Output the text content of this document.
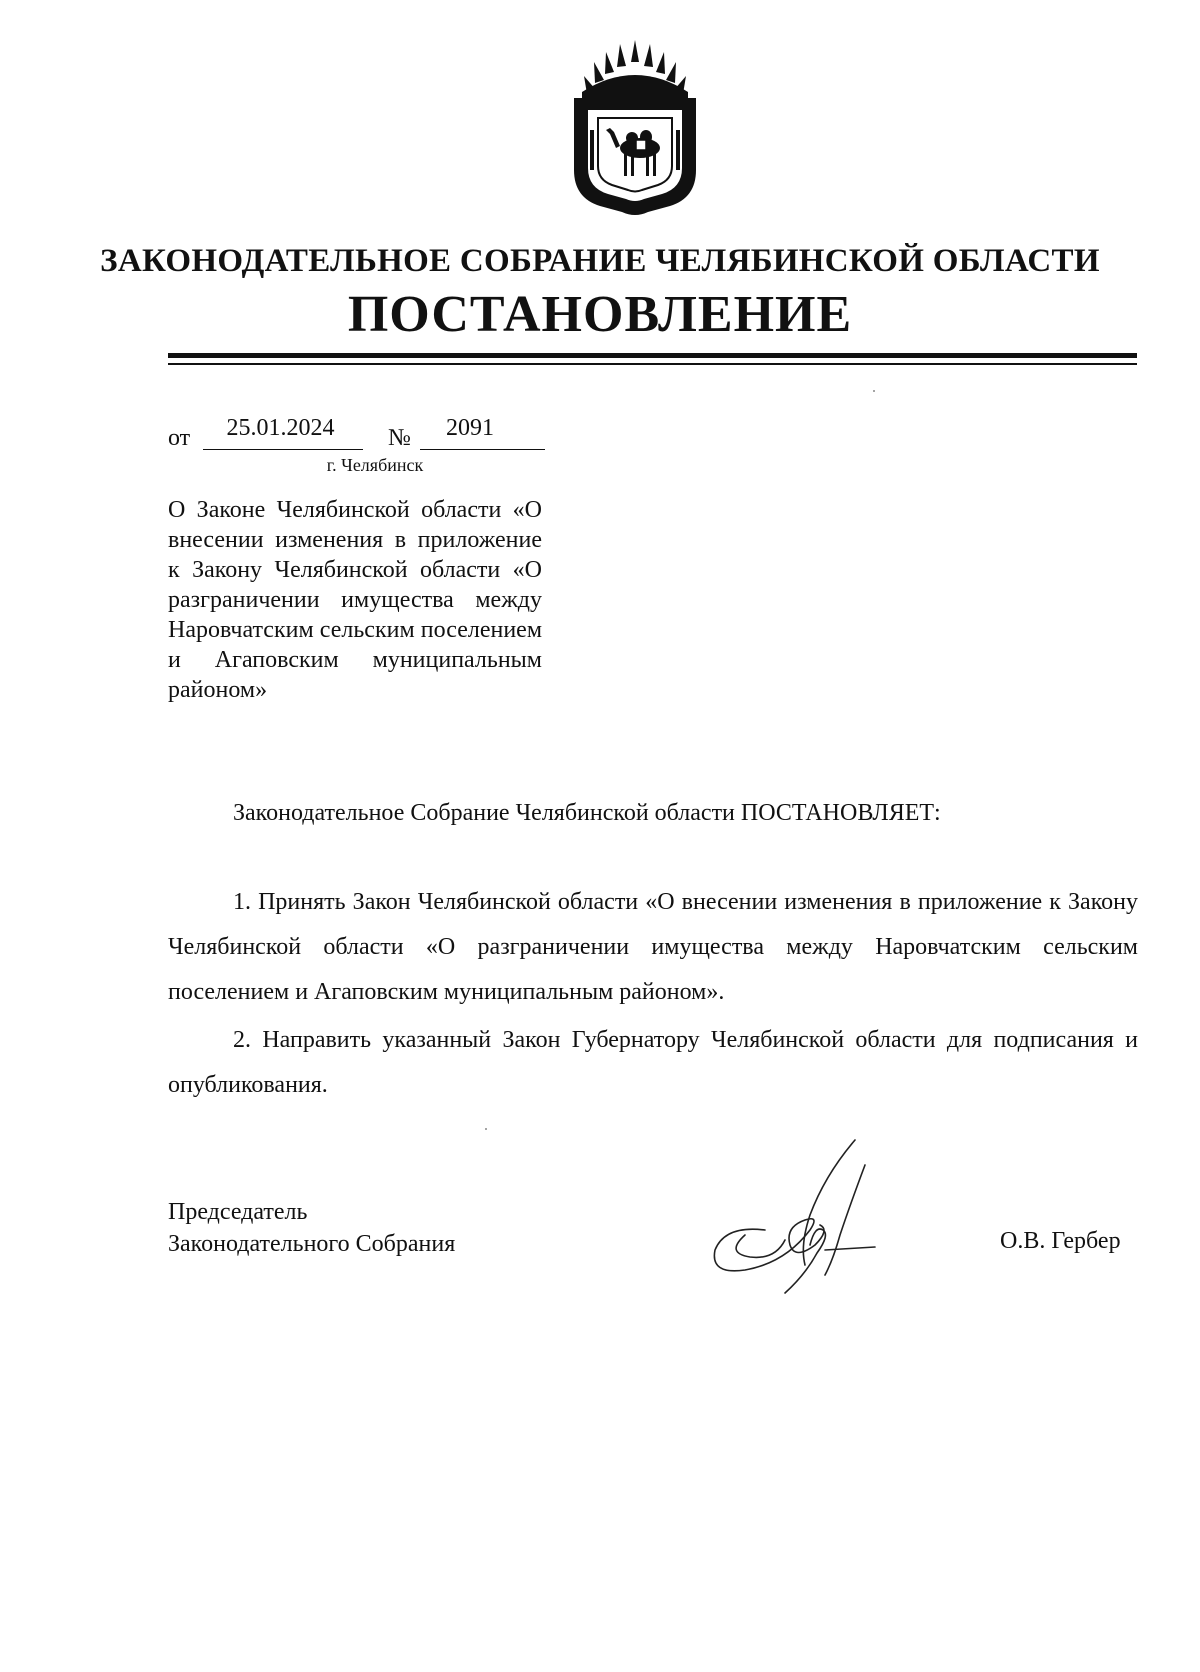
ЗАКОНОДАТЕЛЬНОЕ СОБРАНИЕ ЧЕЛЯБИНСКОЙ ОБЛАСТИ
ПОСТАНОВЛЕНИЕ
от	25.01.2024	№	2091
г. Челябинск

О Законе Челябинской области «О внесении изменения в приложение к Закону Челябинской области «О разграничении имущества между Наровчатским сельским поселением и Агаповским муниципальным районом»

Законодательное Собрание Челябинской области ПОСТАНОВЛЯЕТ:

1. Принять Закон Челябинской области «О внесении изменения в приложение к Закону Челябинской области «О разграничении имущества между Наровчатским сельским поселением и Агаповским муниципальным районом».

2. Направить указанный Закон Губернатору Челябинской области для подписания и опубликования.

Председатель
Законодательного Собрания	О.В. Гербер
